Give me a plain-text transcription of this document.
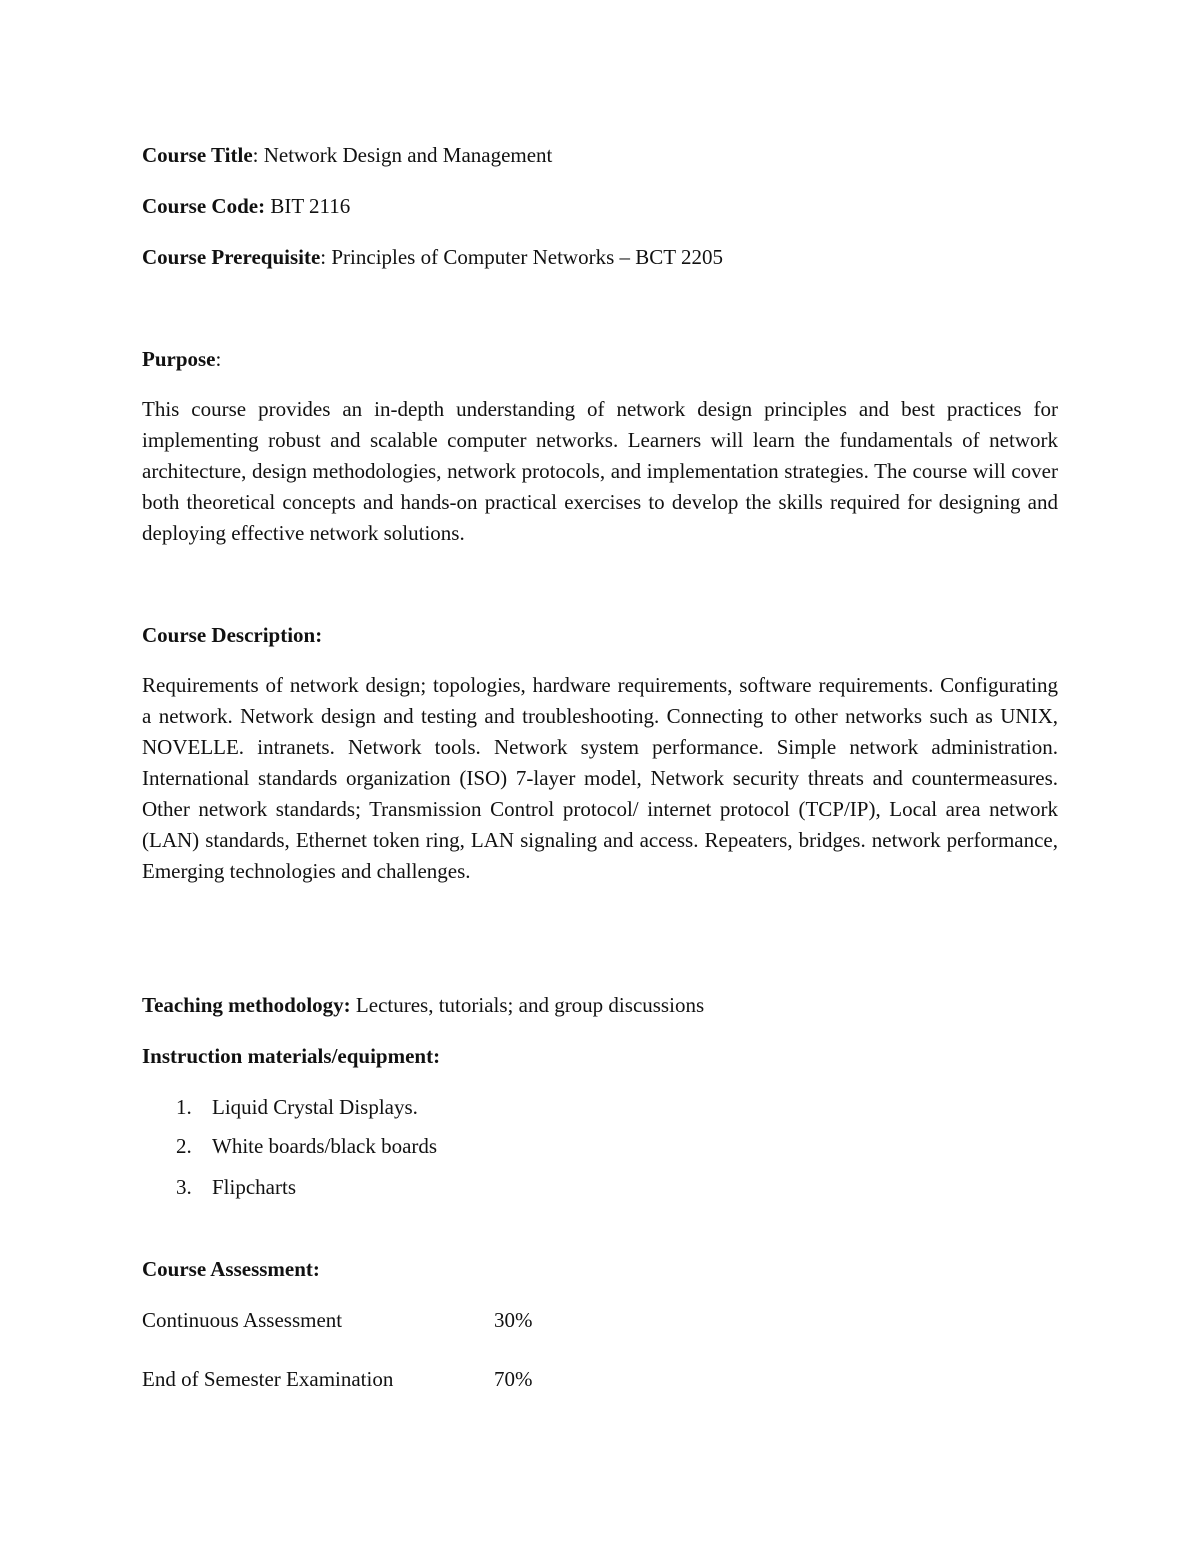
Course Title: Network Design and Management
Course Code: BIT 2116
Course Prerequisite: Principles of Computer Networks – BCT 2205
Purpose:
This course provides an in-depth understanding of network design principles and best practices for implementing robust and scalable computer networks. Learners will learn the fundamentals of network architecture, design methodologies, network protocols, and implementation strategies. The course will cover both theoretical concepts and hands-on practical exercises to develop the skills required for designing and deploying effective network solutions.
Course Description:
Requirements of network design; topologies, hardware requirements, software requirements. Configurating a network. Network design and testing and troubleshooting. Connecting to other networks such as UNIX, NOVELLE. intranets. Network tools. Network system performance. Simple network administration. International standards organization (ISO) 7-layer model, Network security threats and countermeasures. Other network standards; Transmission Control protocol/ internet protocol (TCP/IP), Local area network (LAN) standards, Ethernet token ring, LAN signaling and access. Repeaters, bridges. network performance, Emerging technologies and challenges.
Teaching methodology: Lectures, tutorials; and group discussions
Instruction materials/equipment:
1. Liquid Crystal Displays.
2. White boards/black boards
3. Flipcharts
Course Assessment:
Continuous Assessment	30%
End of Semester Examination	70%
